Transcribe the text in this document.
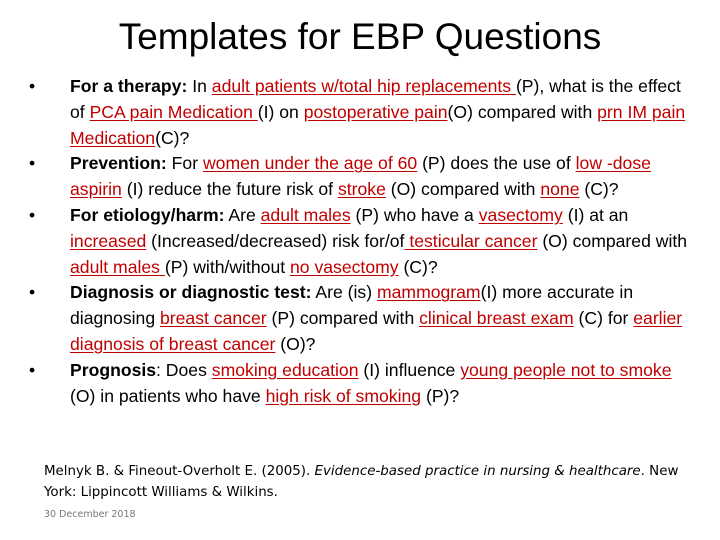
Templates for EBP Questions
• For a therapy: In adult patients w/total hip replacements (P), what is the effect of PCA pain Medication (I) on postoperative pain(O) compared with prn IM pain Medication(C)?
• Prevention: For women under the age of 60 (P) does the use of low -dose aspirin (I) reduce the future risk of stroke (O) compared with none (C)?
• For etiology/harm: Are adult males (P) who have a vasectomy (I) at an increased (Increased/decreased) risk for/of testicular cancer (O) compared with adult males (P) with/without no vasectomy (C)?
• Diagnosis or diagnostic test: Are (is) mammogram(I) more accurate in diagnosing breast cancer (P) compared with clinical breast exam (C) for earlier diagnosis of breast cancer (O)?
• Prognosis: Does smoking education (I) influence young people not to smoke (O) in patients who have high risk of smoking (P)?
Melnyk B. & Fineout-Overholt E. (2005). Evidence-based practice in nursing & healthcare. New York: Lippincott Williams & Wilkins.
30 December 2018
